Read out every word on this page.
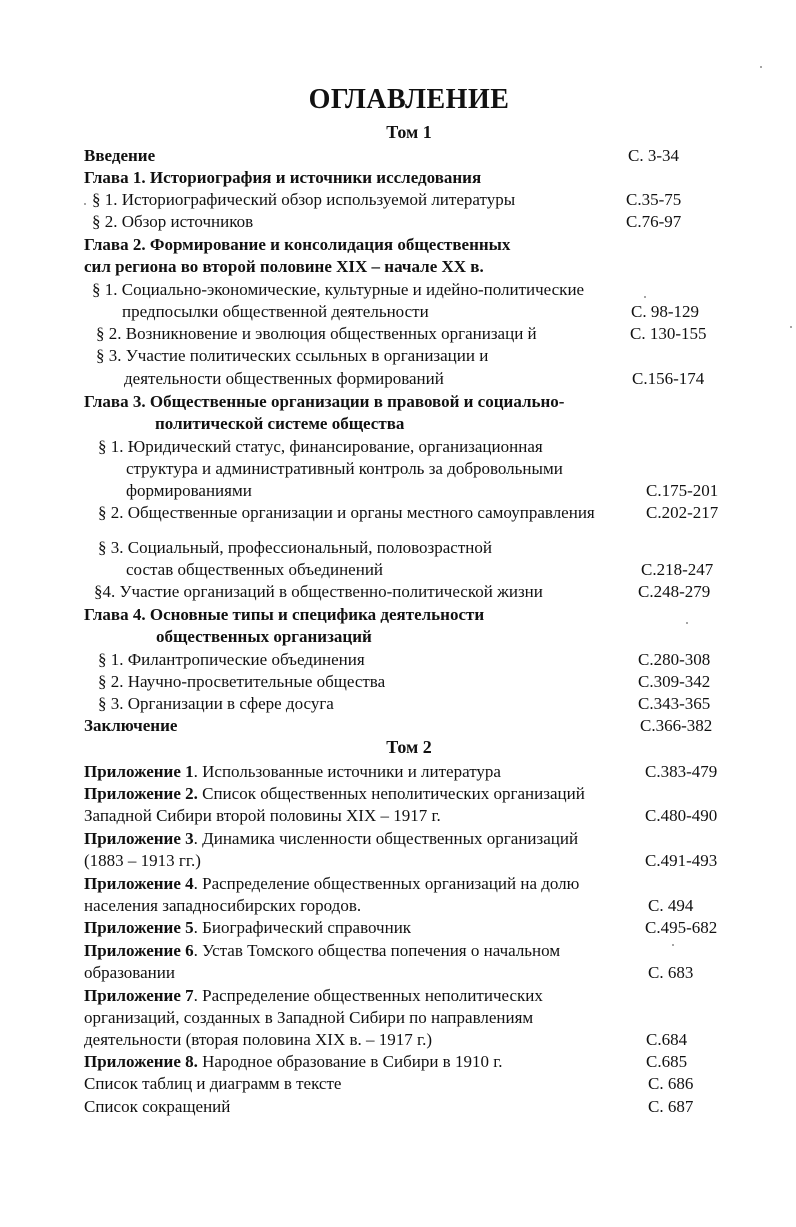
ОГЛАВЛЕНИЕ
Том 1
Введение	С. 3-34
Глава 1. Историография и источники исследования
§ 1. Историографический обзор используемой литературы	С.35-75
§ 2. Обзор источников	С.76-97
Глава 2. Формирование и консолидация общественных
сил региона во второй половине XIX – начале XX в.
§ 1. Социально-экономические, культурные и идейно-политические
предпосылки общественной деятельности	С. 98-129
§ 2. Возникновение и эволюция общественных организаци й	С. 130-155
§ 3. Участие политических ссыльных в организации и
деятельности общественных формирований	С.156-174
Глава 3. Общественные организации в правовой и социально-
политической системе общества
§ 1. Юридический статус, финансирование, организационная
структура и административный контроль за добровольными
формированиями	С.175-201
§ 2. Общественные организации и органы местного самоуправления	С.202-217
§ 3. Социальный, профессиональный, половозрастной
состав общественных объединений	С.218-247
§4. Участие организаций в общественно-политической жизни	С.248-279
Глава 4. Основные типы и специфика деятельности
общественных организаций
§ 1. Филантропические объединения	С.280-308
§ 2. Научно-просветительные общества	С.309-342
§ 3. Организации в сфере досуга	С.343-365
Заключение	С.366-382
Том 2
Приложение 1. Использованные источники и литература	С.383-479
Приложение 2. Список общественных неполитических организаций
Западной Сибири второй половины XIX – 1917 г.	С.480-490
Приложение 3. Динамика численности общественных организаций
(1883 – 1913 гг.)	С.491-493
Приложение 4. Распределение общественных организаций на долю
населения западносибирских городов.	С. 494
Приложение 5. Биографический справочник	С.495-682
Приложение 6. Устав Томского общества попечения о начальном
образовании	С. 683
Приложение 7. Распределение общественных неполитических
организаций, созданных в Западной Сибири по направлениям
деятельности (вторая половина XIX в. – 1917 г.)	С.684
Приложение 8. Народное образование в Сибири в 1910 г.	С.685
Список таблиц и диаграмм в тексте	С. 686
Список сокращений	С. 687
